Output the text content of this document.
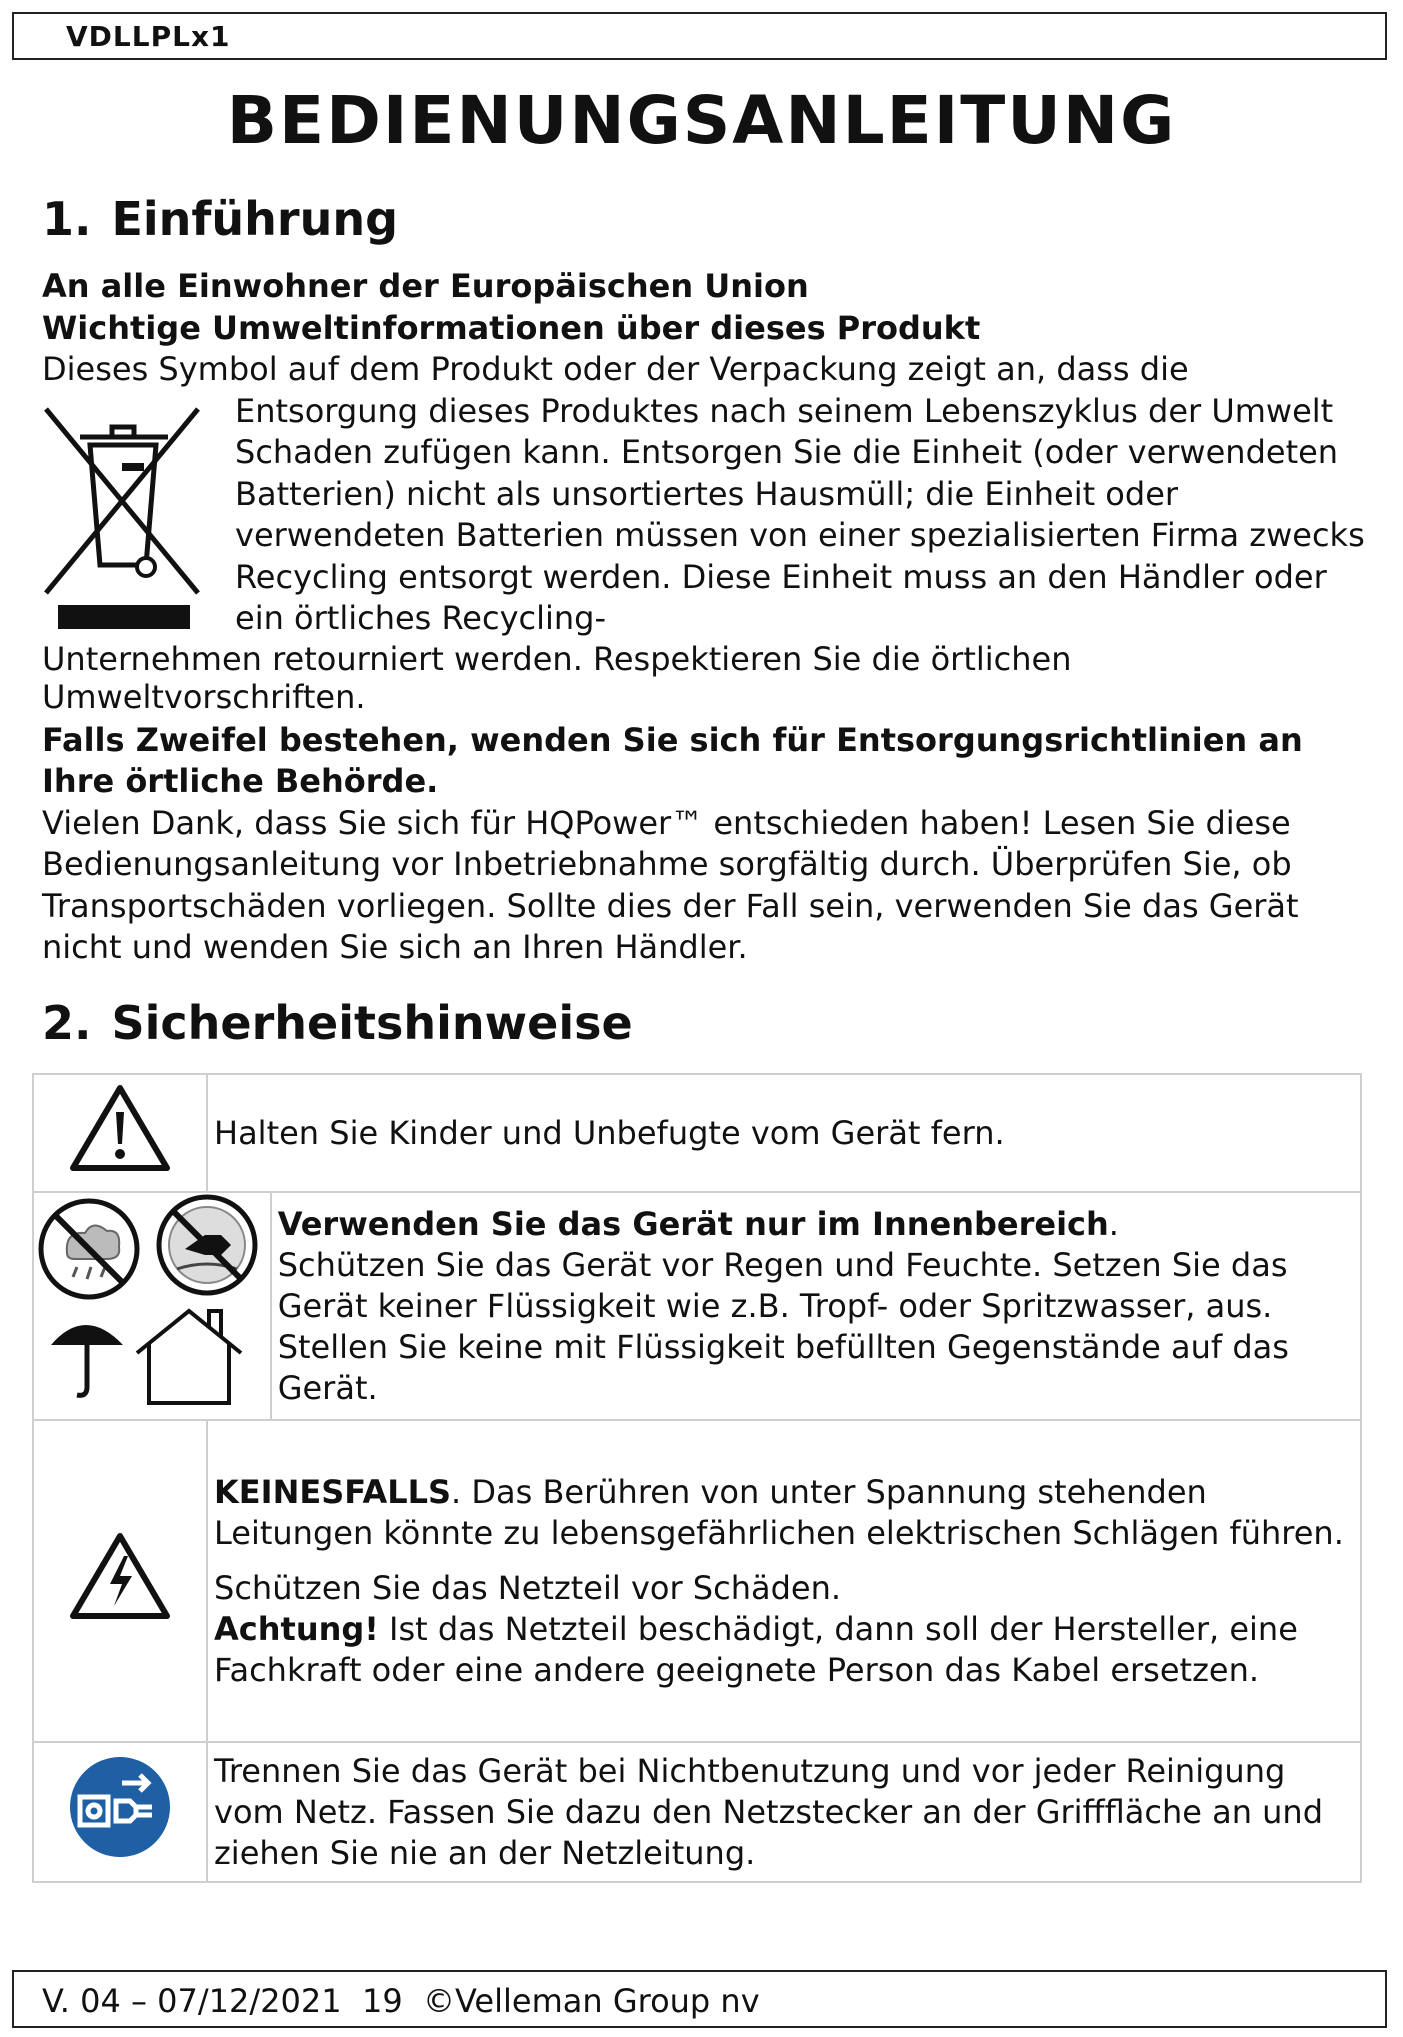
VDLLPLx1
BEDIENUNGSANLEITUNG
1. Einführung

An alle Einwohner der Europäischen Union

Wichtige Umweltinformationen über dieses Produkt

Dieses Symbol auf dem Produkt oder der Verpackung zeigt an, dass die

Entsorgung dieses Produktes nach seinem Lebenszyklus der Umwelt Schaden zufügen kann. Entsorgen Sie die Einheit (oder verwendeten Batterien) nicht als unsortiertes Hausmüll; die Einheit oder verwendeten Batterien müssen von einer spezialisierten Firma zwecks Recycling entsorgt werden. Diese Einheit muss an den Händler oder ein örtliches Recycling-

Unternehmen retourniert werden. Respektieren Sie die örtlichen Umweltvorschriften.

Falls Zweifel bestehen, wenden Sie sich für Entsorgungsrichtlinien an Ihre örtliche Behörde.

Vielen Dank, dass Sie sich für HQPower™ entschieden haben! Lesen Sie diese Bedienungsanleitung vor Inbetriebnahme sorgfältig durch. Überprüfen Sie, ob Transportschäden vorliegen. Sollte dies der Fall sein, verwenden Sie das Gerät nicht und wenden Sie sich an Ihren Händler.

2. Sicherheitshinweise

Halten Sie Kinder und Unbefugte vom Gerät fern.	

Verwenden Sie das Gerät nur im Innenbereich.

Schützen Sie das Gerät vor Regen und Feuchte. Setzen Sie das Gerät keiner Flüssigkeit wie z.B. Tropf- oder Spritzwasser, aus. Stellen Sie keine mit Flüssigkeit befüllten Gegenstände auf das Gerät.

KEINESFALLS. Das Berühren von unter Spannung stehenden Leitungen könnte zu lebensgefährlichen elektrischen Schlägen führen.

Schützen Sie das Netzteil vor Schäden.

Achtung! Ist das Netzteil beschädigt, dann soll der Hersteller, eine Fachkraft oder eine andere geeignete Person das Kabel ersetzen.	

Trennen Sie das Gerät bei Nichtbenutzung und vor jeder Reinigung vom Netz. Fassen Sie dazu den Netzstecker an der Grifffläche an und ziehen Sie nie an der Netzleitung.	

V. 04 – 07/12/2021  19  ©Velleman Group nv
